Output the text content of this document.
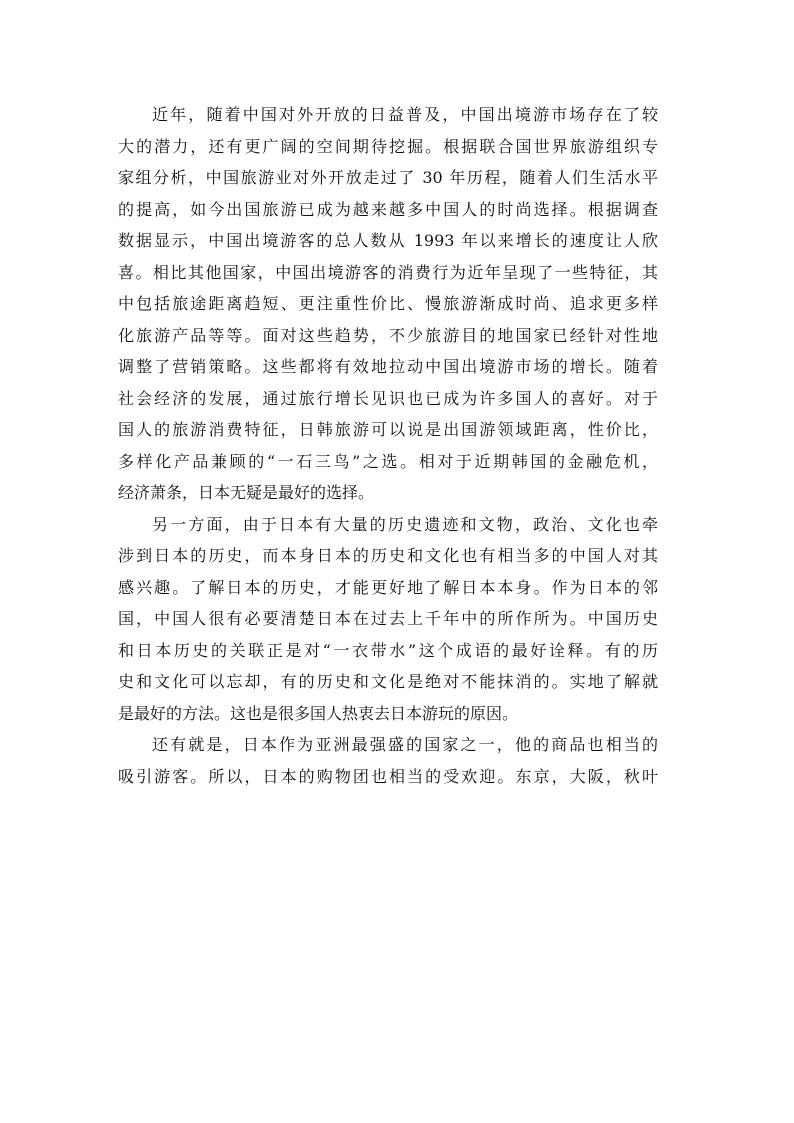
近年，随着中国对外开放的日益普及，中国出境游市场存在了较
大的潜力，还有更广阔的空间期待挖掘。根据联合国世界旅游组织专
家组分析，中国旅游业对外开放走过了 30 年历程，随着人们生活水平
的提高，如今出国旅游已成为越来越多中国人的时尚选择。根据调查
数据显示，中国出境游客的总人数从 1993 年以来增长的速度让人欣
喜。相比其他国家，中国出境游客的消费行为近年呈现了一些特征，其
中包括旅途距离趋短、更注重性价比、慢旅游渐成时尚、追求更多样
化旅游产品等等。面对这些趋势，不少旅游目的地国家已经针对性地
调整了营销策略。这些都将有效地拉动中国出境游市场的增长。随着
社会经济的发展，通过旅行增长见识也已成为许多国人的喜好。对于
国人的旅游消费特征，日韩旅游可以说是出国游领域距离，性价比，
多样化产品兼顾的“一石三鸟”之选。相对于近期韩国的金融危机，
经济萧条，日本无疑是最好的选择。
另一方面，由于日本有大量的历史遗迹和文物，政治、文化也牵
涉到日本的历史，而本身日本的历史和文化也有相当多的中国人对其
感兴趣。了解日本的历史，才能更好地了解日本本身。作为日本的邻
国，中国人很有必要清楚日本在过去上千年中的所作所为。中国历史
和日本历史的关联正是对“一衣带水”这个成语的最好诠释。有的历
史和文化可以忘却，有的历史和文化是绝对不能抹消的。实地了解就
是最好的方法。这也是很多国人热衷去日本游玩的原因。
还有就是，日本作为亚洲最强盛的国家之一，他的商品也相当的
吸引游客。所以，日本的购物团也相当的受欢迎。东京，大阪，秋叶
